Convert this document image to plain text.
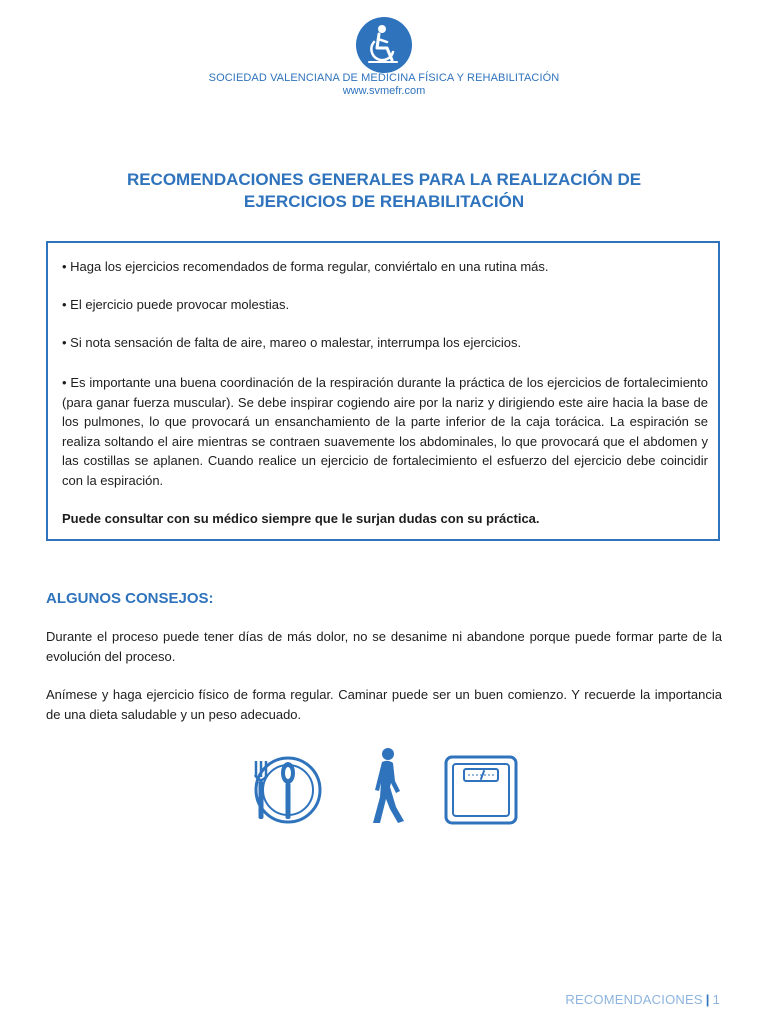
SOCIEDAD VALENCIANA DE MEDICINA FÍSICA Y REHABILITACIÓN
www.svmefr.com
RECOMENDACIONES GENERALES PARA LA REALIZACIÓN DE
EJERCICIOS DE REHABILITACIÓN

• Haga los ejercicios recomendados de forma regular, conviértalo en una rutina más.

• El ejercicio puede provocar molestias.

• Si nota sensación de falta de aire, mareo o malestar, interrumpa los ejercicios.

• Es importante una buena coordinación de la respiración durante la práctica de los ejercicios de fortalecimiento (para ganar fuerza muscular). Se debe inspirar cogiendo aire por la nariz y dirigiendo este aire hacia la base de los pulmones, lo que provocará un ensanchamiento de la parte inferior de la caja torácica. La espiración se realiza soltando el aire mientras se contraen suavemente los abdominales, lo que provocará que el abdomen y las costillas se aplanen. Cuando realice un ejercicio de fortalecimiento el esfuerzo del ejercicio debe coincidir con la espiración.

Puede consultar con su médico siempre que le surjan dudas con su práctica.

ALGUNOS CONSEJOS:

Durante el proceso puede tener días de más dolor, no se desanime ni abandone porque puede formar parte de la evolución del proceso.

Anímese y haga ejercicio físico de forma regular. Caminar puede ser un buen comienzo. Y recuerde la importancia de una dieta saludable y un peso adecuado.

RECOMENDACIONES | 1
